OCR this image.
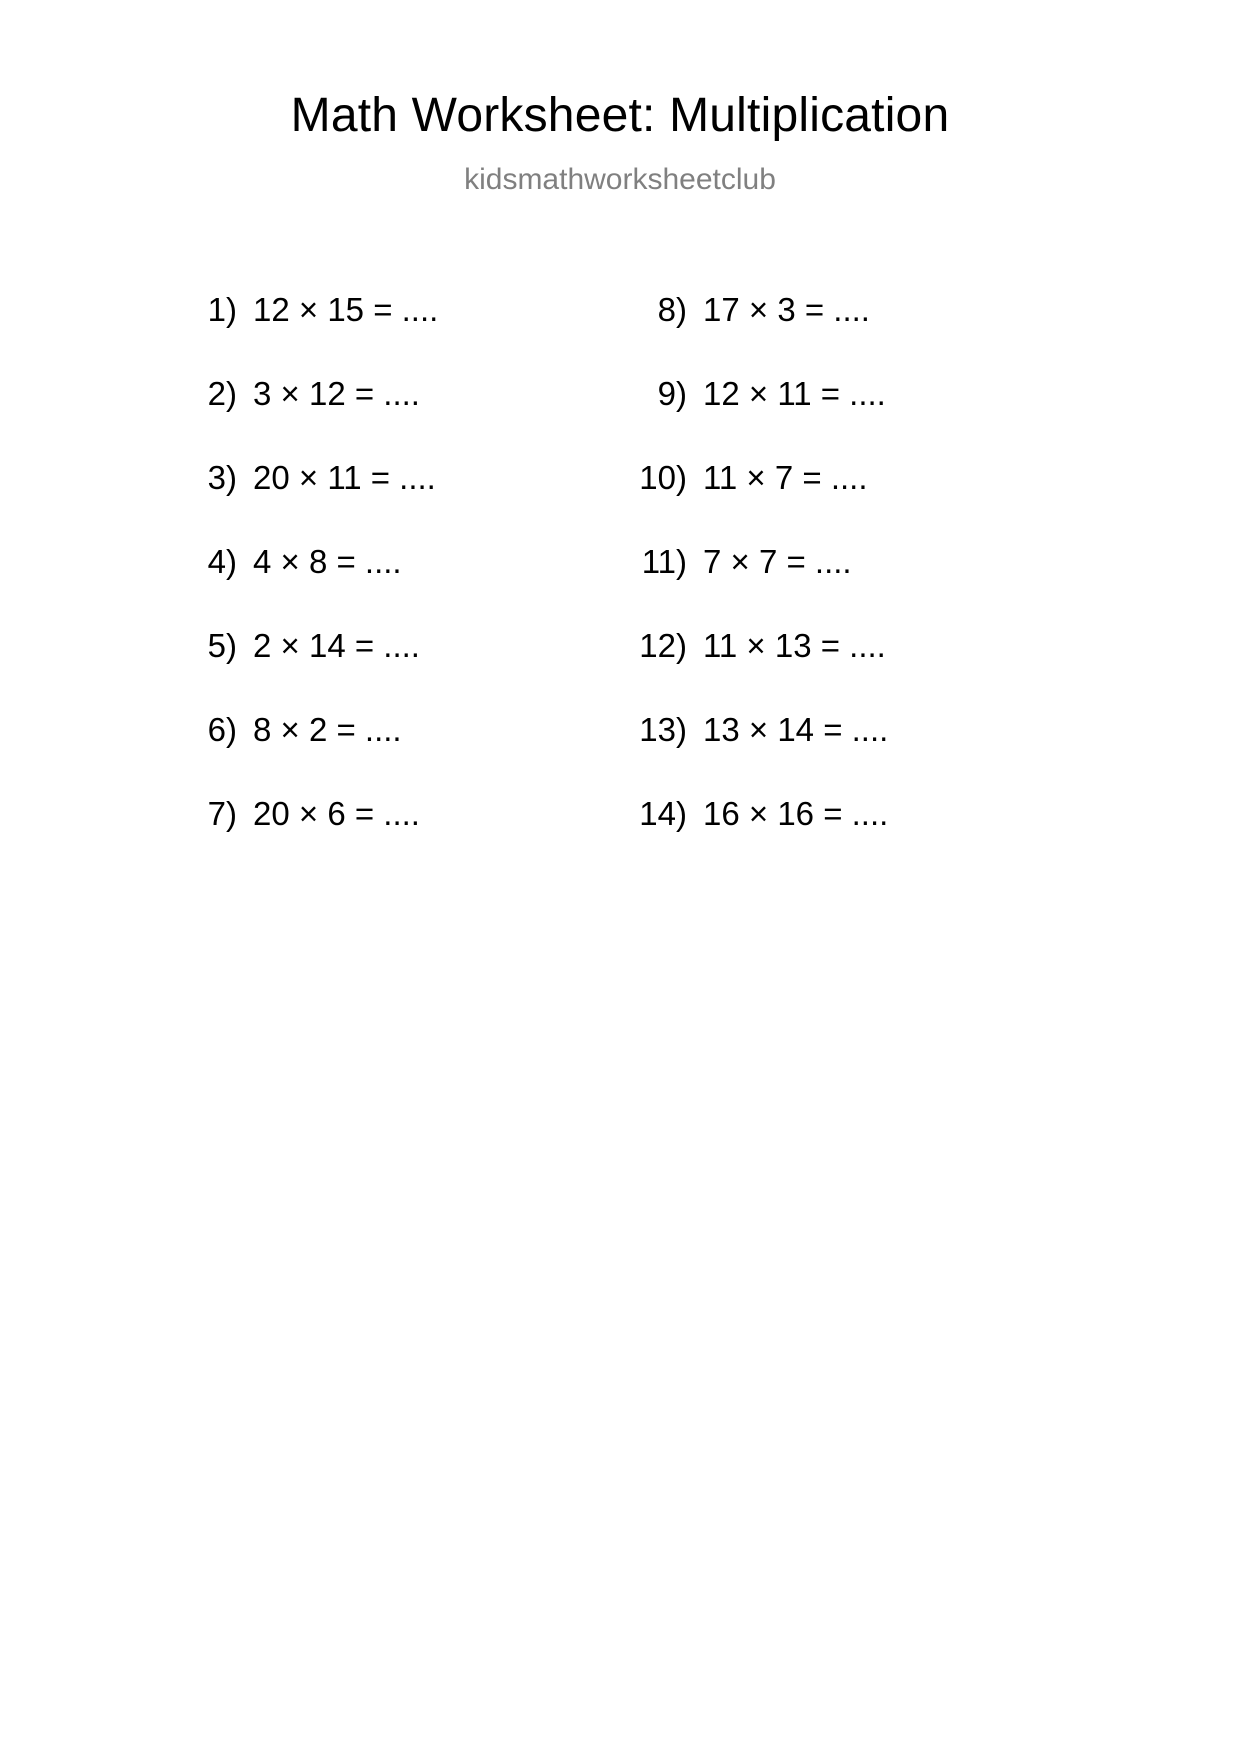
Math Worksheet: Multiplication
kidsmathworksheetclub
1) 12 × 15 = ....
2) 3 × 12 = ....
3) 20 × 11 = ....
4) 4 × 8 = ....
5) 2 × 14 = ....
6) 8 × 2 = ....
7) 20 × 6 = ....
8) 17 × 3 = ....
9) 12 × 11 = ....
10) 11 × 7 = ....
11) 7 × 7 = ....
12) 11 × 13 = ....
13) 13 × 14 = ....
14) 16 × 16 = ....
